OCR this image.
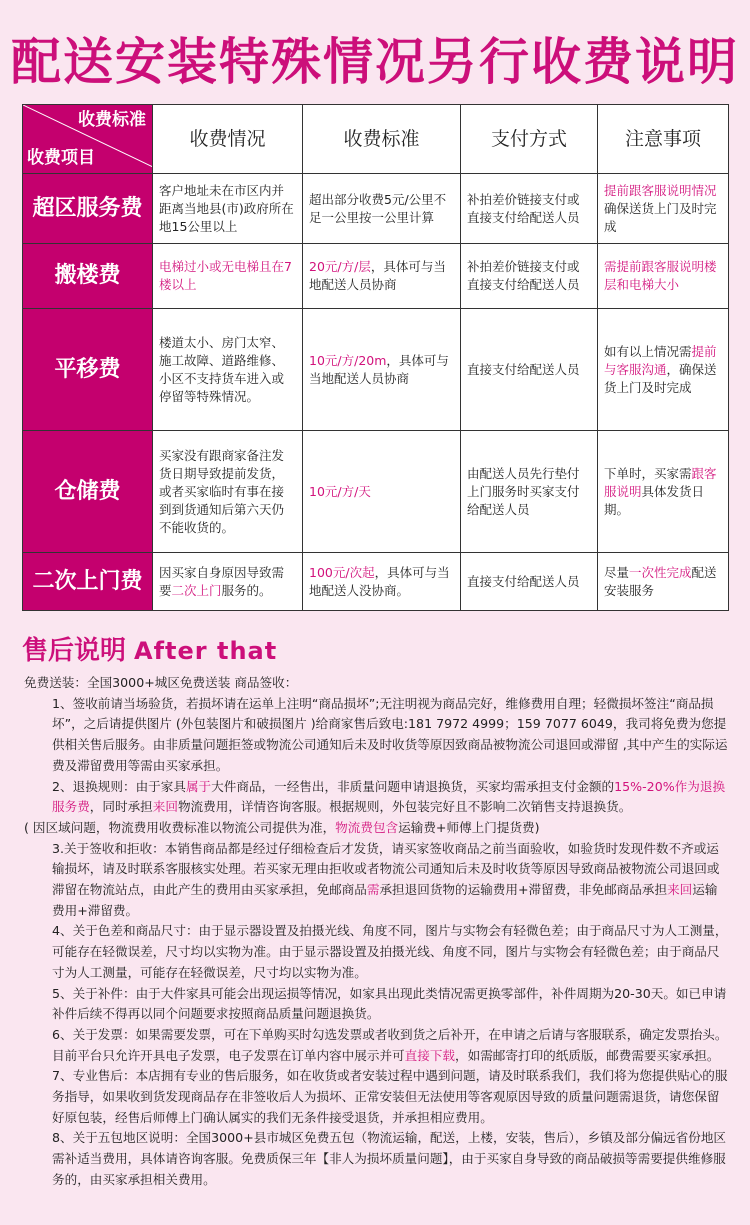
配送安装特殊情况另行收费说明
收费标准
收费项目	收费情况	收费标准	支付方式	注意事项
超区服务费	客户地址未在市区内并距离当地县(市)政府所在地15公里以上	超出部分收费5元/公里不足一公里按一公里计算	补拍差价链接支付或直接支付给配送人员	提前跟客服说明情况确保送货上门及时完成
搬楼费	电梯过小或无电梯且在7楼以上	20元/方/层，具体可与当地配送人员协商	补拍差价链接支付或直接支付给配送人员	需提前跟客服说明楼层和电梯大小
平移费	楼道太小、房门太窄、施工故障、道路维修、小区不支持货车进入或停留等特殊情况。	10元/方/20m，具体可与当地配送人员协商	直接支付给配送人员	如有以上情况需提前与客服沟通，确保送货上门及时完成
仓储费	买家没有跟商家备注发货日期导致提前发货，或者买家临时有事在接到到货通知后第六天仍不能收货的。	10元/方/天	由配送人员先行垫付上门服务时买家支付给配送人员	下单时，买家需跟客服说明具体发货日期。
二次上门费	因买家自身原因导致需要二次上门服务的。	100元/次起，具体可与当地配送人没协商。	直接支付给配送人员	尽量一次性完成配送安装服务
售后说明 After that

免费送装：全国3000+城区免费送装 商品签收：

1、签收前请当场验货，若损坏请在运单上注明“商品损坏”;无注明视为商品完好，维修费用自理；轻微损坏签注“商品损坏”，之后请提供图片 (外包装图片和破损图片 )给商家售后致电:181 7972 4999；159 7077 6049，我司将免费为您提供相关售后服务。由非质量问题拒签或物流公司通知后未及时收货等原因致商品被物流公司退回或滞留 ,其中产生的实际运费及滞留费用等需由买家承担。

2、退换规则：由于家具属于大件商品，一经售出，非质量问题申请退换货，买家均需承担支付金额的15%-20%作为退换服务费，同时承担来回物流费用，详情咨询客服。根据规则，外包装完好且不影响二次销售支持退换货。

( 因区域问题，物流费用收费标准以物流公司提供为准，物流费包含运输费+师傅上门提货费)

3.关于签收和拒收：本销售商品都是经过仔细检查后才发货，请买家签收商品之前当面验收，如验货时发现件数不齐或运输损坏，请及时联系客服核实处理。若买家无理由拒收或者物流公司通知后未及时收货等原因导致商品被物流公司退回或滞留在物流站点，由此产生的费用由买家承担，免邮商品需承担退回货物的运输费用+滞留费，非免邮商品承担来回运输费用+滞留费。

4、关于色差和商品尺寸：由于显示器设置及拍摄光线、角度不同，图片与实物会有轻微色差；由于商品尺寸为人工测量，可能存在轻微误差，尺寸均以实物为准。由于显示器设置及拍摄光线、角度不同，图片与实物会有轻微色差；由于商品尺寸为人工测量，可能存在轻微误差，尺寸均以实物为准。

5、关于补件：由于大件家具可能会出现运损等情况，如家具出现此类情况需更换零部件，补件周期为20-30天。如已申请补件后续不得再以同个问题要求按照商品质量问题退换货。

6、关于发票：如果需要发票，可在下单购买时勾选发票或者收到货之后补开，在申请之后请与客服联系，确定发票抬头。目前平台只允许开具电子发票，电子发票在订单内容中展示并可直接下载，如需邮寄打印的纸质版，邮费需要买家承担。

7、专业售后：本店拥有专业的售后服务，如在收货或者安装过程中遇到问题，请及时联系我们，我们将为您提供贴心的服务指导，如果收到货发现商品存在非签收后人为损坏、正常安装但无法使用等客观原因导致的质量问题需退货，请您保留好原包装，经售后师傅上门确认属实的我们无条件接受退货，并承担相应费用。

8、关于五包地区说明：全国3000+县市城区免费五包（物流运输，配送，上楼，安装，售后），乡镇及部分偏远省份地区需补适当费用，具体请咨询客服。免费质保三年【非人为损坏质量问题】，由于买家自身导致的商品破损等需要提供维修服务的，由买家承担相关费用。
